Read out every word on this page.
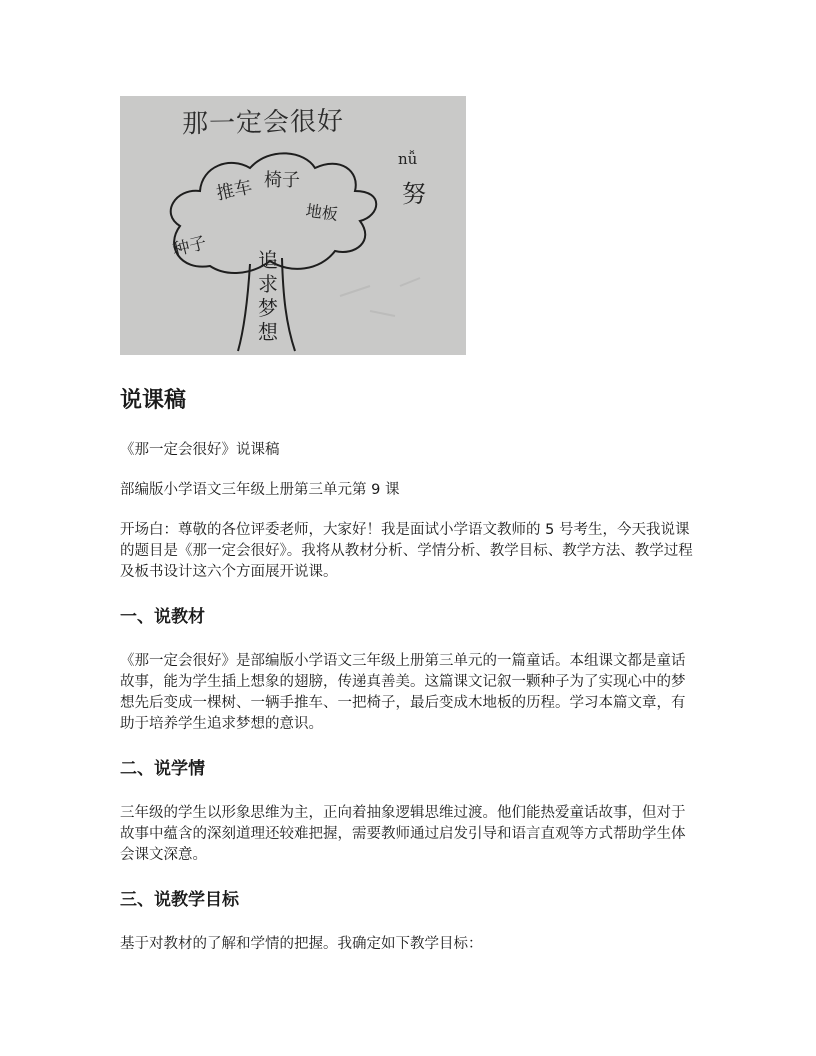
那一定会很好
nǚ
努
推车 椅子
地板
种子 追求梦想
说课稿

《那一定会很好》说课稿

部编版小学语文三年级上册第三单元第 9 课

开场白：尊敬的各位评委老师，大家好！我是面试小学语文教师的 5 号考生，今天我说课的题目是《那一定会很好》。我将从教材分析、学情分析、教学目标、教学方法、教学过程及板书设计这六个方面展开说课。

一、说教材

《那一定会很好》是部编版小学语文三年级上册第三单元的一篇童话。本组课文都是童话故事，能为学生插上想象的翅膀，传递真善美。这篇课文记叙一颗种子为了实现心中的梦想先后变成一棵树、一辆手推车、一把椅子，最后变成木地板的历程。学习本篇文章，有助于培养学生追求梦想的意识。

二、说学情

三年级的学生以形象思维为主，正向着抽象逻辑思维过渡。他们能热爱童话故事，但对于故事中蕴含的深刻道理还较难把握，需要教师通过启发引导和语言直观等方式帮助学生体会课文深意。

三、说教学目标

基于对教材的了解和学情的把握。我确定如下教学目标：
